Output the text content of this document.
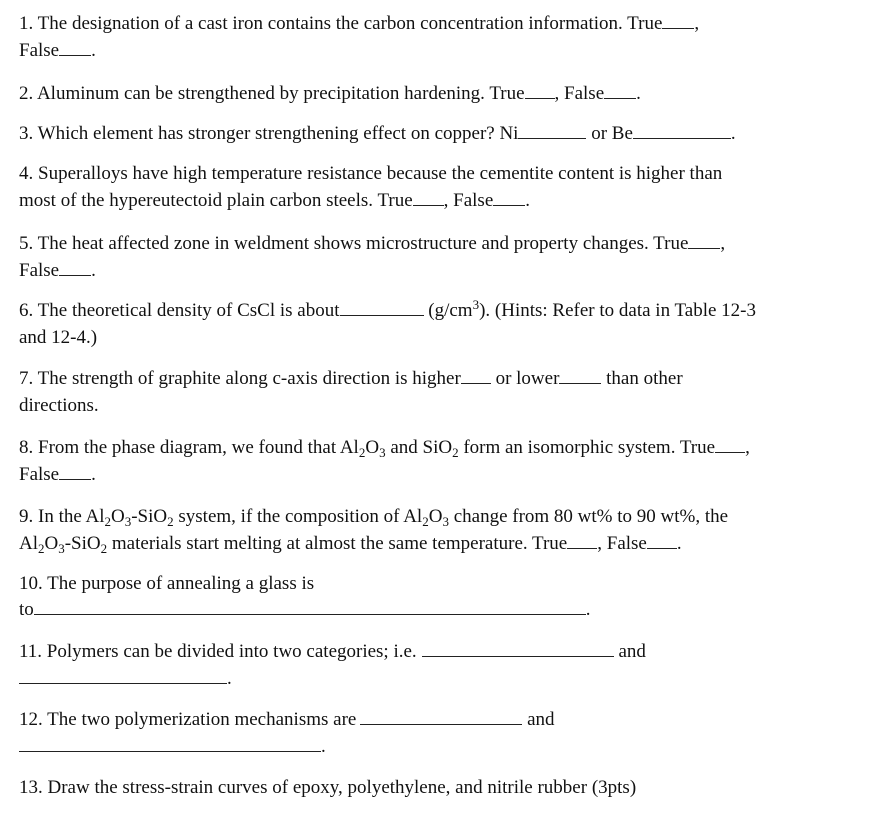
1. The designation of a cast iron contains the carbon concentration information. True ,
False .
2. Aluminum can be strengthened by precipitation hardening. True , False .
3. Which element has stronger strengthening effect on copper? Ni	or Be	.
4. Superalloys have high temperature resistance because the cementite content is higher than
most of the hypereutectoid plain carbon steels. True , False .
5. The heat affected zone in weldment shows microstructure and property changes. True ,
False .
6. The theoretical density of CsCl is about	$(g/cm^3)$. (Hints: Refer to data in Table 12-3
and 12-4.)
7. The strength of graphite along c-axis direction is higher or lower than other
directions.
8. From the phase diagram, we found that $Al_2O_3$ and SiO$_2$ form an isomorphic system. True ,
False .
9. In the $Al_2O_3-SiO_2$ system, if the composition of $Al_2O_3$ change from 80 wt% to 90 wt%, the
$Al_2O_3-SiO_2$ materials start melting at almost the same temperature. True , False .
10. The purpose of annealing a glass is
to	.
11. Polymers can be divided into two categories; i.e.	and
.
12. The two polymerization mechanisms are	and
.
13. Draw the stress-strain curves of epoxy, polyethylene, and nitrile rubber (3pts)
